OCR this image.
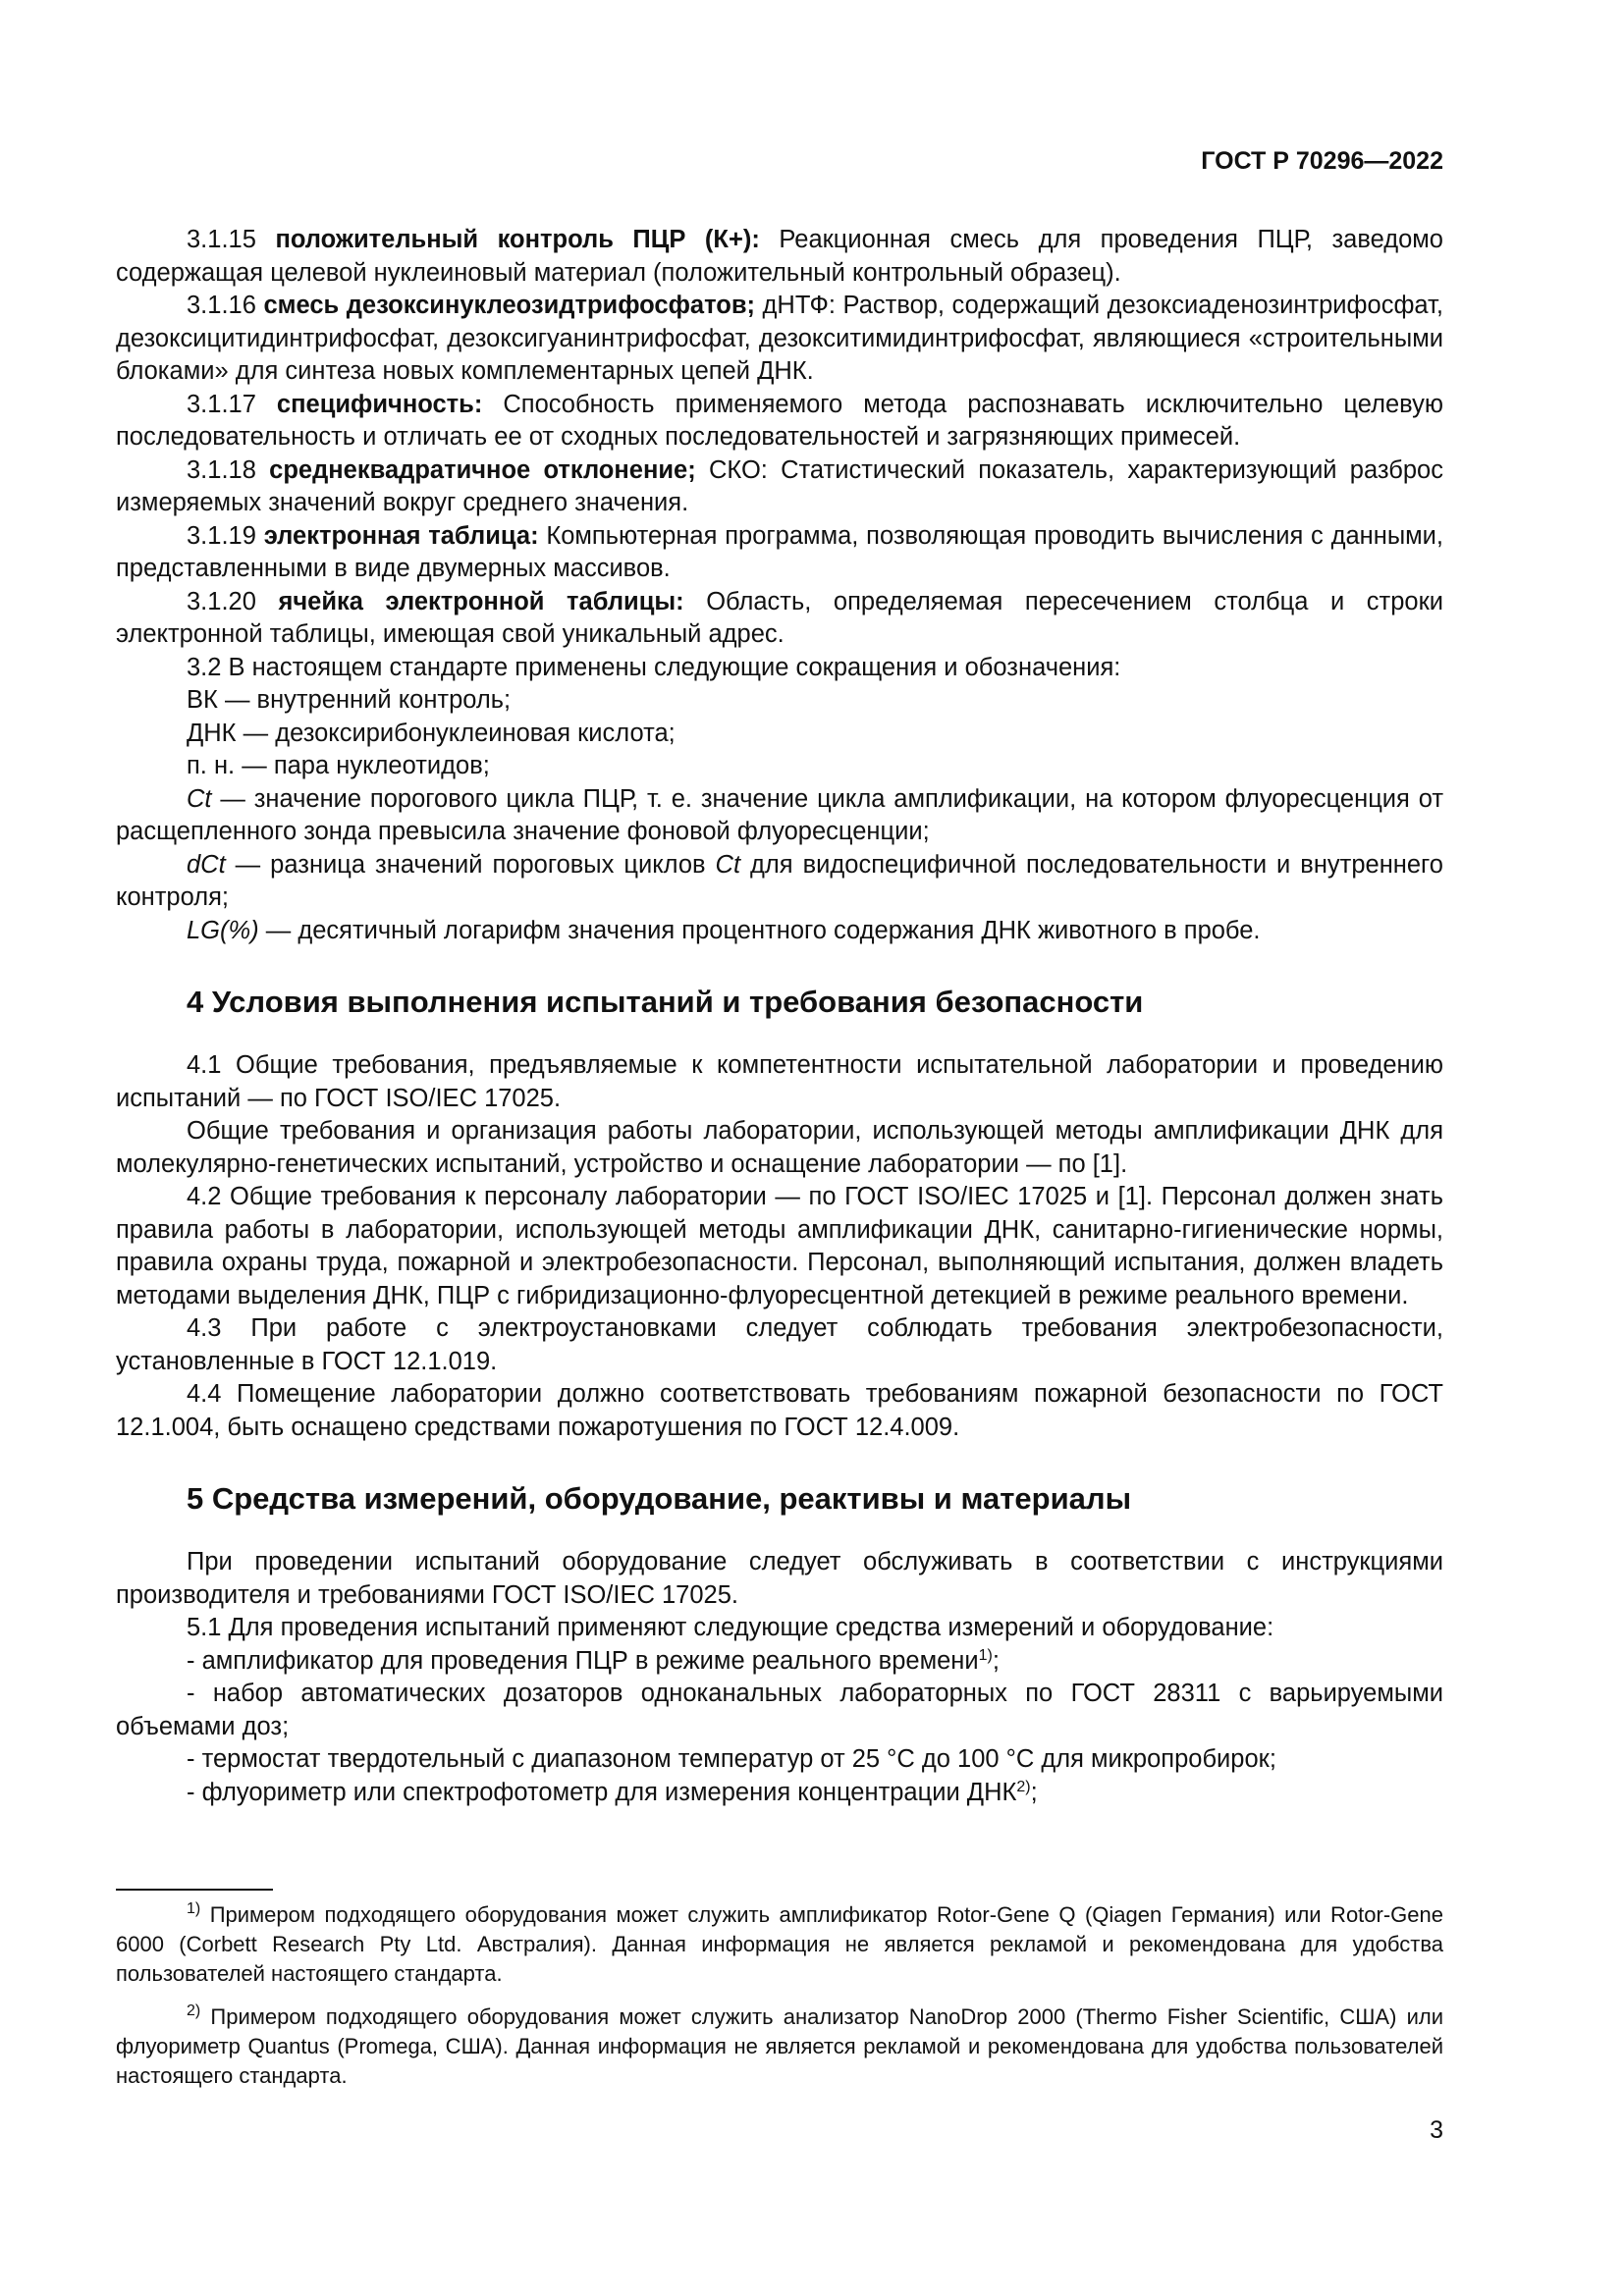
ГОСТ Р 70296—2022

3.1.15 положительный контроль ПЦР (К+): Реакционная смесь для проведения ПЦР, заведомо содержащая целевой нуклеиновый материал (положительный контрольный образец).

3.1.16 смесь дезоксинуклеозидтрифосфатов; дНТФ: Раствор, содержащий дезоксиаденозинтрифосфат, дезоксицитидинтрифосфат, дезоксигуанинтрифосфат, дезокситимидинтрифосфат, являющиеся «строительными блоками» для синтеза новых комплементарных цепей ДНК.

3.1.17 специфичность: Способность применяемого метода распознавать исключительно целевую последовательность и отличать ее от сходных последовательностей и загрязняющих примесей.

3.1.18 среднеквадратичное отклонение; СКО: Статистический показатель, характеризующий разброс измеряемых значений вокруг среднего значения.

3.1.19 электронная таблица: Компьютерная программа, позволяющая проводить вычисления с данными, представленными в виде двумерных массивов.

3.1.20 ячейка электронной таблицы: Область, определяемая пересечением столбца и строки электронной таблицы, имеющая свой уникальный адрес.

3.2 В настоящем стандарте применены следующие сокращения и обозначения:

ВК — внутренний контроль;

ДНК — дезоксирибонуклеиновая кислота;

п. н. — пара нуклеотидов;

Ct — значение порогового цикла ПЦР, т. е. значение цикла амплификации, на котором флуоресценция от расщепленного зонда превысила значение фоновой флуоресценции;

dCt — разница значений пороговых циклов Ct для видоспецифичной последовательности и внутреннего контроля;

LG(%) — десятичный логарифм значения процентного содержания ДНК животного в пробе.

4 Условия выполнения испытаний и требования безопасности

4.1 Общие требования, предъявляемые к компетентности испытательной лаборатории и проведению испытаний — по ГОСТ ISO/IEC 17025.

Общие требования и организация работы лаборатории, использующей методы амплификации ДНК для молекулярно-генетических испытаний, устройство и оснащение лаборатории — по [1].

4.2 Общие требования к персоналу лаборатории — по ГОСТ ISO/IEC 17025 и [1]. Персонал должен знать правила работы в лаборатории, использующей методы амплификации ДНК, санитарно-гигиенические нормы, правила охраны труда, пожарной и электробезопасности. Персонал, выполняющий испытания, должен владеть методами выделения ДНК, ПЦР с гибридизационно-флуоресцентной детекцией в режиме реального времени.

4.3 При работе с электроустановками следует соблюдать требования электробезопасности, установленные в ГОСТ 12.1.019.

4.4 Помещение лаборатории должно соответствовать требованиям пожарной безопасности по ГОСТ 12.1.004, быть оснащено средствами пожаротушения по ГОСТ 12.4.009.

5 Средства измерений, оборудование, реактивы и материалы

При проведении испытаний оборудование следует обслуживать в соответствии с инструкциями производителя и требованиями ГОСТ ISO/IEC 17025.

5.1 Для проведения испытаний применяют следующие средства измерений и оборудование:

- амплификатор для проведения ПЦР в режиме реального времени$^{1)}$;

- набор автоматических дозаторов одноканальных лабораторных по ГОСТ 28311 с варьируемыми объемами доз;

- термостат твердотельный с диапазоном температур от 25 °С до 100 °С для микропробирок;

- флуориметр или спектрофотометр для измерения концентрации ДНК$^{2)}$;

$^{1)}$ Примером подходящего оборудования может служить амплификатор Rotor-Gene Q (Qiagen Германия) или Rotor-Gene 6000 (Corbett Research Pty Ltd. Австралия). Данная информация не является рекламой и рекомендована для удобства пользователей настоящего стандарта.

$^{2)}$ Примером подходящего оборудования может служить анализатор NanoDrop 2000 (Thermo Fisher Scientific, США) или флуориметр Quantus (Promega, США). Данная информация не является рекламой и рекомендована для удобства пользователей настоящего стандарта.

3
